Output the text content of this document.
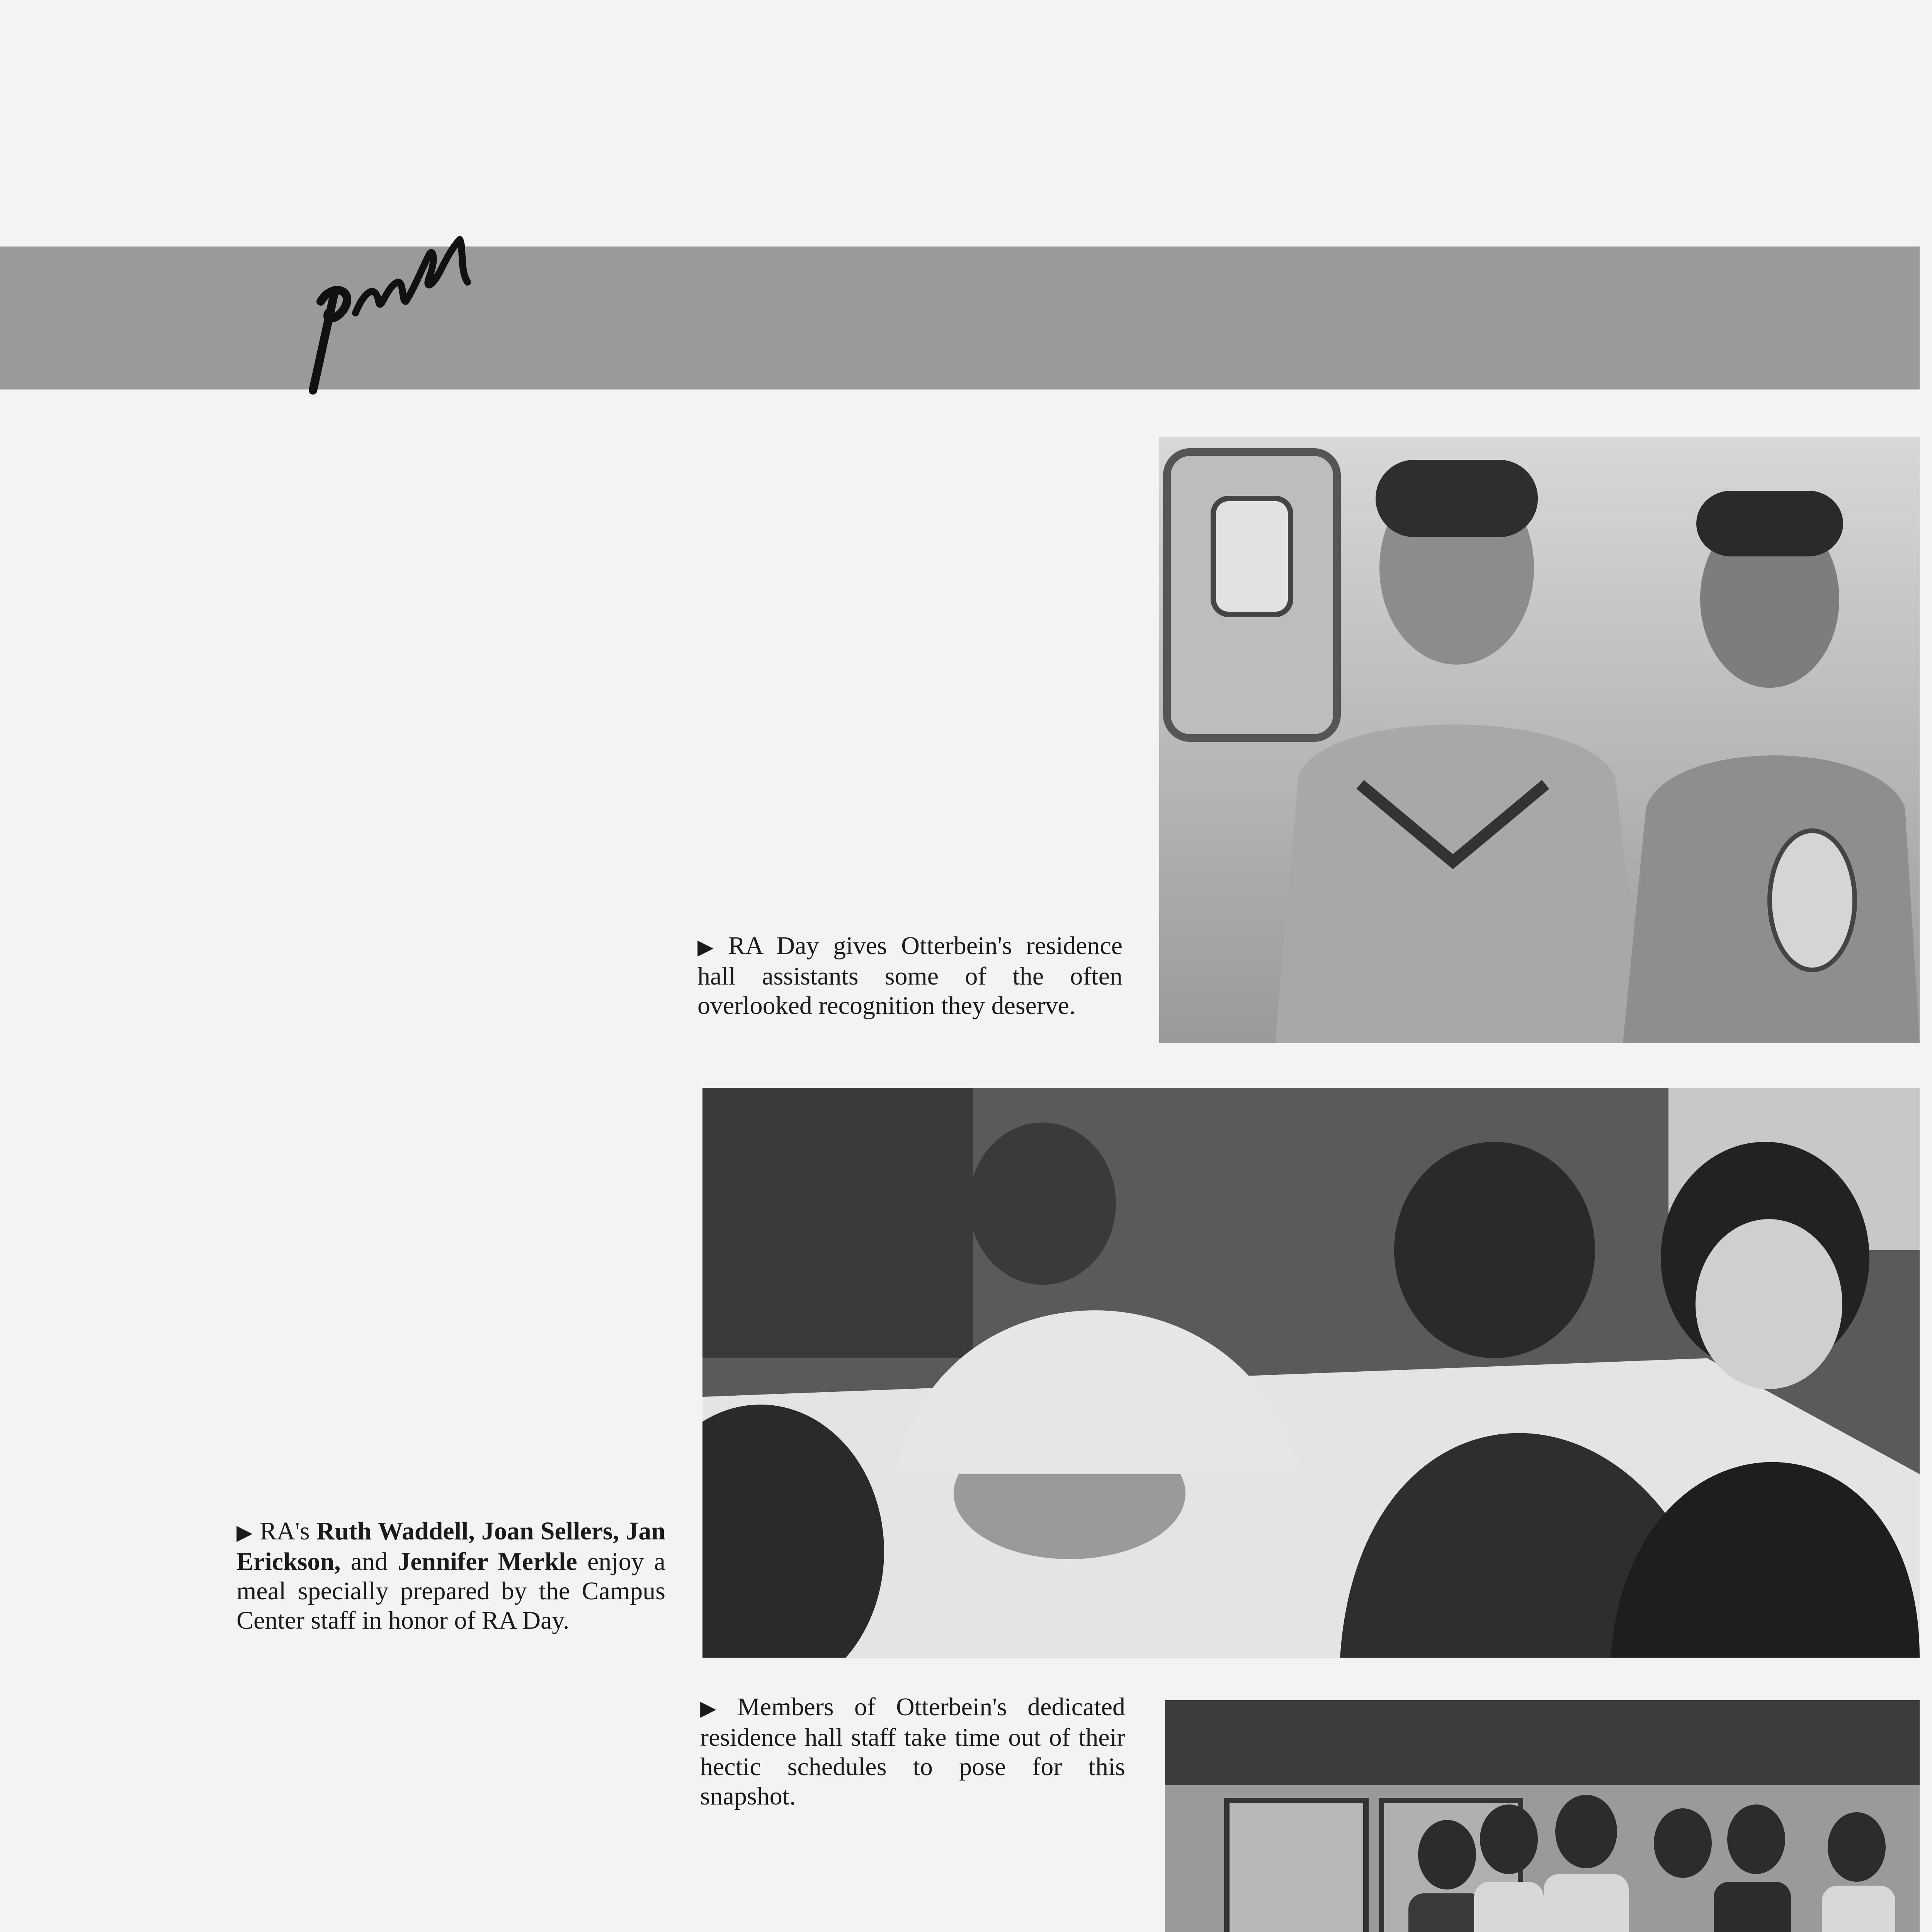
▶ RA Day gives Otterbein's residence hall assistants some of the often overlooked recognition they deserve.
▶ RA's Ruth Waddell, Joan Sellers, Jan Erickson, and Jennifer Merkle enjoy a meal specially prepared by the Campus Center staff in honor of RA Day.
▶ Members of Otterbein's dedicated residence hall staff take time out of their hectic schedules to pose for this snapshot.
